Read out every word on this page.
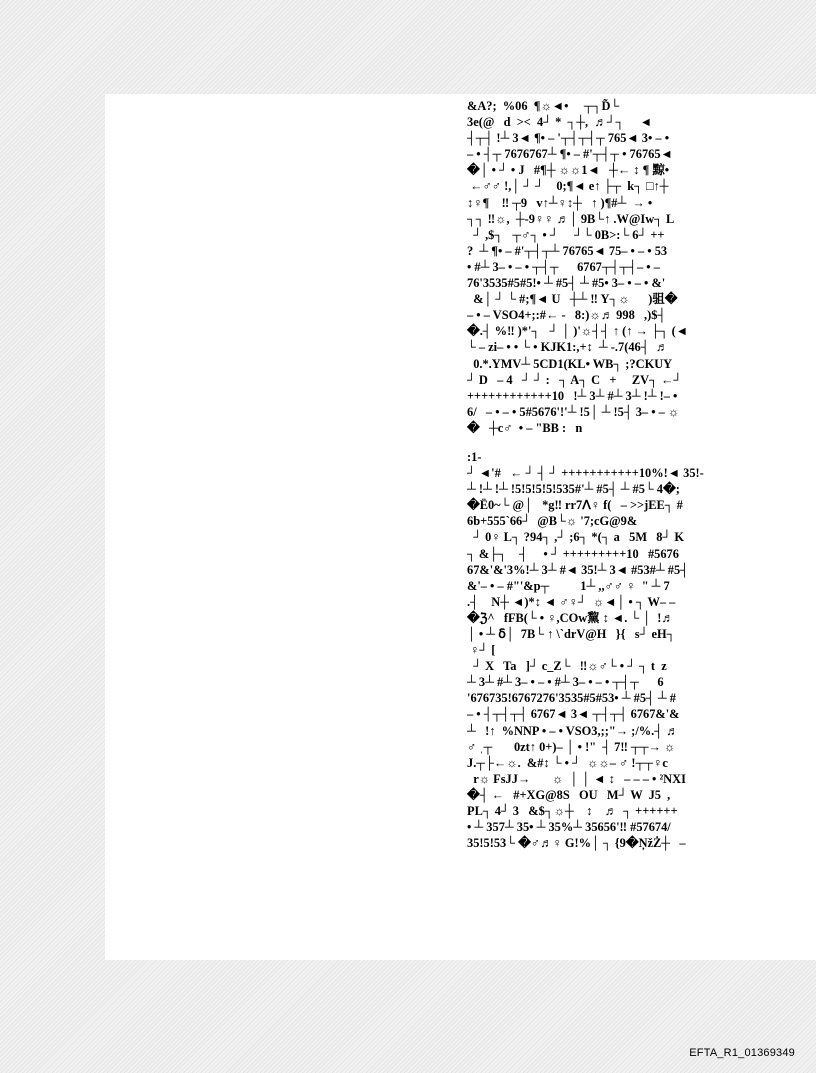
&A?;  %06  ¶☼◄•     ┬┐D̃└
3e(@   d  ><  4┘ *  ┐┼,  ♬┘┐     ◄
┤┬┤ !┴ 3◄ ¶• – '┬┤┬┤┬ 765◄ 3• – •
– • ┤┬ 7676767┴ ¶• – #'┬┤┬ • 76765◄
�│ • ┘ • J   #¶┼ ☼☼1◄   ┼← ↕ ¶ 黥•
←♂♂ !,│ ┘ ┘    0;¶◄ e↑ ├┬  k┐ □↑┼
↕♀¶    ‼ ┬9   v↑┴♀↕┼   ↑ )¶#┴  → •
┐┐ ‼☼,  ┼-9♀♀ ♬│ 9B└↑ .W@Iw┐ L
┘ ,$┐   ┬♂┐ • ┘     ┘└ 0B>:└ 6┘ ++
?  ┴ ¶• – #'┬┤┬┴ 76765◄ 75– • – • 53
• #┴ 3– • – • ┬┤┬      6767┬┤┬┤– • –
76'3535#5#5!• ┴ #5┤ ┴ #5• 3– • – • &'
&│ ┘ └ #;¶◄ U   ┼┴ ‼ Y┐☼      )驵�
– • – VSO4+;:#← -   8:)☼♬ 998   ,)$┤
�.┤ %‼ )*'┐   ┘ │ )'☼┤┤ ↑ (↑ → ├┐ (◄
└ – zi– • • └ • KJK1:,+↕  ┴ -.7(46┤  ♬
0.*.YMV┴ 5CD1(KL• WB┐ ;?CKUY
┘ D   – 4   ┘ ┘ :   ┐ A┐ C   +     ZV┐ ←┘
++++++++++++10   !┴ 3┴ #┴ 3┴ !┴ !– •
6/   – • – • 5#5676'!'┴ !5│ ┴ !5┤ 3– • – ☼
�   ┼c♂  • – "BB :   n
:1-
┘ ◄'#   ← ┘ ┤ ┘ +++++++++++10%!◄ 35!-
┴ !┴ !┴ !5!5!5!5!535#'┴ #5┤ ┴ #5└ 4�;
�Ë0~└ @│   *g‼ rr7ⴷ♀ f(   – >>jEE┐ #
6b+555`66┘  @B└☼ '7;cG@9&
┘ 0♀ L┐ ?94┐ ,┘ ;6┐ *(┐ a   5M   8┘ K
┐ &├┐    ┤     • ┘ +++++++++10   #5676
67&'&'3%!┴ 3┴ #◄ 35!┴ 3◄ #53#┴ #5┤
&'– • – #"'&p┬          1┴ ,,♂♂ ♀  " ┴ 7
.┤    N┼ ◄)*↕ ◄ ♂♀┘  ☼◄│ • ┐ W– –
�ℨ^   fFB(└ • ♀,COw黧 ↕ ◄. └ │  !♬
│ • ┴ ẟ│  7B└ ↑ \`drV@H   }{   s┘ eH┐
♀┘ [
┘ X   Ta   ]┘ c_Z└   ‼☼♂└ • ┘ ┐ t  z
┴ 3┴ #┴ 3– • – • #┴ 3– • – • ┬┤┬      6
'676735!6767276'3535#5#53• ┴ #5┤ ┴ #
– • ┤┬┤┬┤ 6767◄ 3◄ ┬┤┬┤ 6767&'&
┴   !↑  %NNP • – • VSO3,;;"→ ;/%.┤ ♬
♂ ˌ┬       0zt↑ 0+)– │ • !"  ┤ 7‼ ┬┬→ ☼
J.┬├←☼.  &#↕ └ • ┘  ☼☼– ♂ !┬┬♀c
r☼ FsJJ→       ☼  │ │ ◄ ↕   – – – • ²NXI
�┤ ←   #+XG@8S   OU   M┘ W  J5  ,
PL┐ 4┘ 3   &$┐☼┼    ↕    ♬  ┐ ++++++
• ┴ 357┴ 35• ┴ 35%┴ 35656'‼ #57674/
35!5!53└ �♂♬♀ G!%│ ┐ {9�ŅžŻ┼   –
EFTA_R1_01369349
